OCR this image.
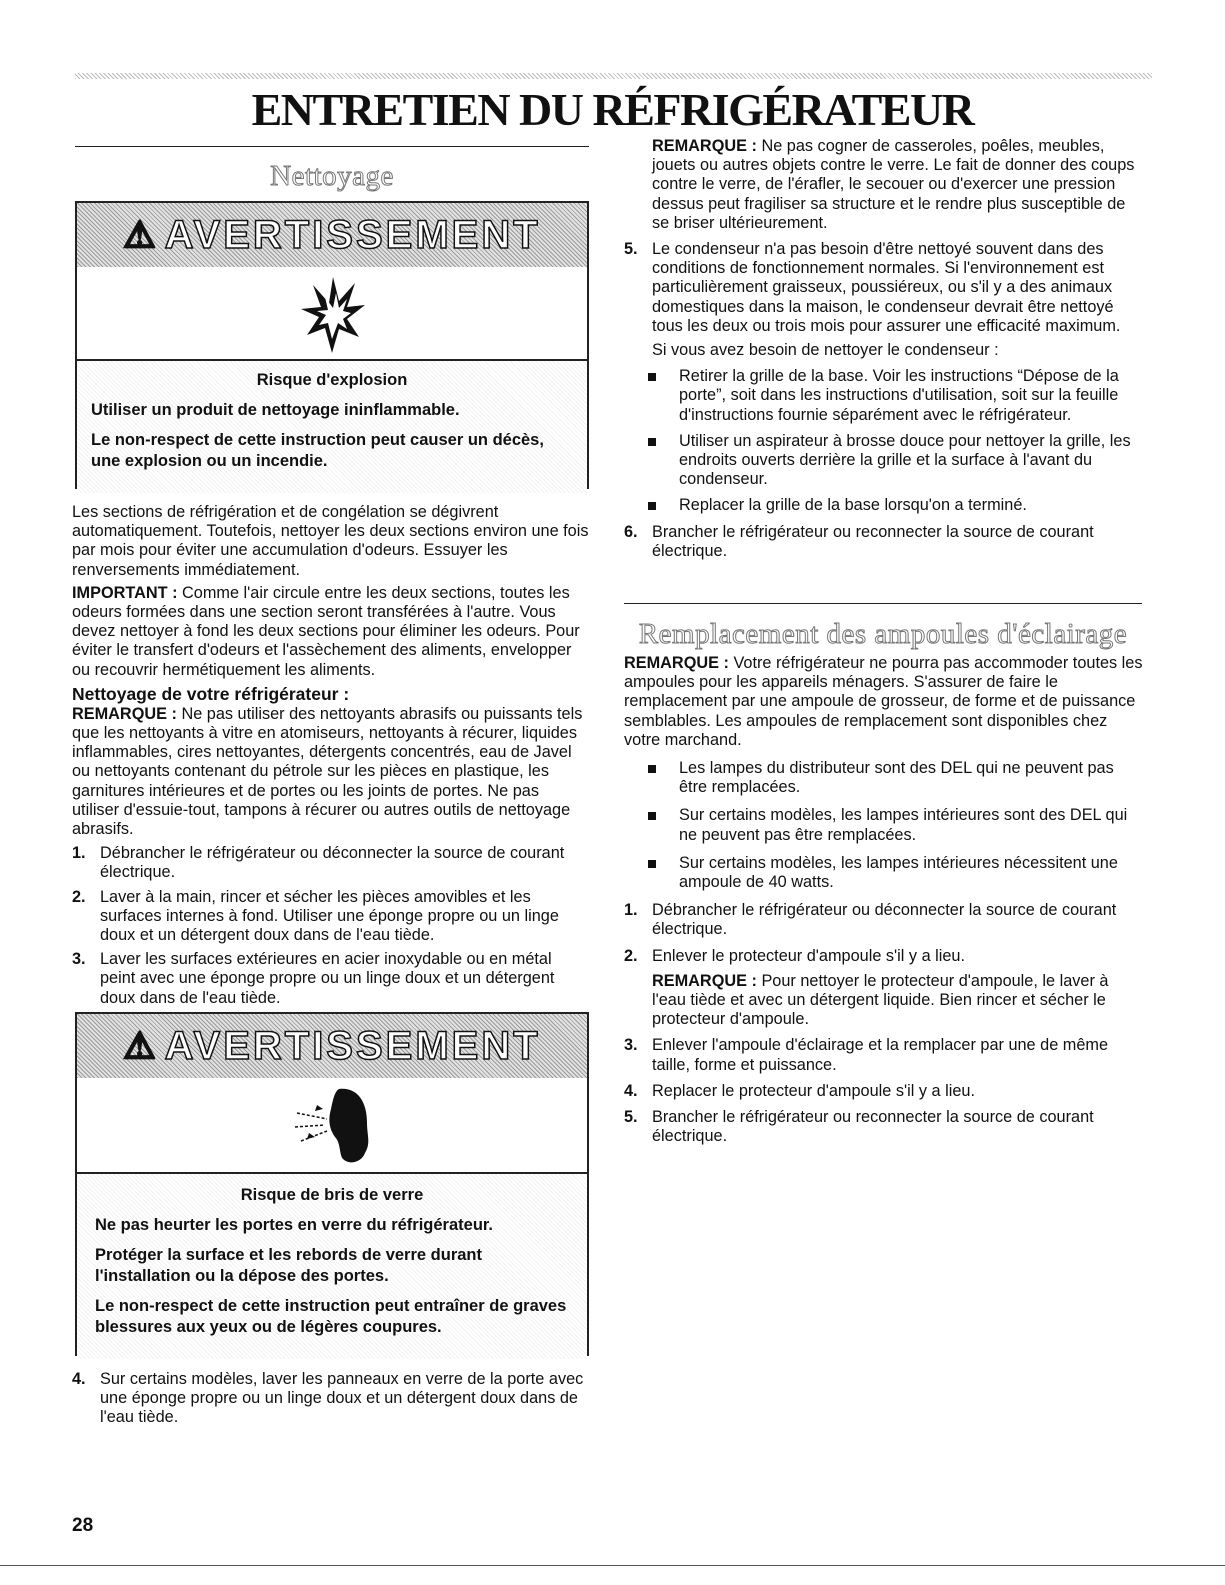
ENTRETIEN DU RÉFRIGÉRATEUR
Nettoyage
⚠ AVERTISSEMENT
Risque d'explosion
Utiliser un produit de nettoyage ininflammable.
Le non-respect de cette instruction peut causer un décès, une explosion ou un incendie.

Les sections de réfrigération et de congélation se dégivrent automatiquement. Toutefois, nettoyer les deux sections environ une fois par mois pour éviter une accumulation d'odeurs. Essuyer les renversements immédiatement.

IMPORTANT : Comme l'air circule entre les deux sections, toutes les odeurs formées dans une section seront transférées à l'autre. Vous devez nettoyer à fond les deux sections pour éliminer les odeurs. Pour éviter le transfert d'odeurs et l'assèchement des aliments, envelopper ou recouvrir hermétiquement les aliments.

Nettoyage de votre réfrigérateur :

REMARQUE : Ne pas utiliser des nettoyants abrasifs ou puissants tels que les nettoyants à vitre en atomiseurs, nettoyants à récurer, liquides inflammables, cires nettoyantes, détergents concentrés, eau de Javel ou nettoyants contenant du pétrole sur les pièces en plastique, les garnitures intérieures et de portes ou les joints de portes. Ne pas utiliser d'essuie-tout, tampons à récurer ou autres outils de nettoyage abrasifs.

1. Débrancher le réfrigérateur ou déconnecter la source de courant électrique.
2. Laver à la main, rincer et sécher les pièces amovibles et les surfaces internes à fond. Utiliser une éponge propre ou un linge doux et un détergent doux dans de l'eau tiède.
3. Laver les surfaces extérieures en acier inoxydable ou en métal peint avec une éponge propre ou un linge doux et un détergent doux dans de l'eau tiède.
⚠ AVERTISSEMENT
Risque de bris de verre
Ne pas heurter les portes en verre du réfrigérateur.
Protéger la surface et les rebords de verre durant l'installation ou la dépose des portes.
Le non-respect de cette instruction peut entraîner de graves blessures aux yeux ou de légères coupures.
4. Sur certains modèles, laver les panneaux en verre de la porte avec une éponge propre ou un linge doux et un détergent doux dans de l'eau tiède.

REMARQUE : Ne pas cogner de casseroles, poêles, meubles, jouets ou autres objets contre le verre. Le fait de donner des coups contre le verre, de l'érafler, le secouer ou d'exercer une pression dessus peut fragiliser sa structure et le rendre plus susceptible de se briser ultérieurement.

5. Le condenseur n'a pas besoin d'être nettoyé souvent dans des conditions de fonctionnement normales. Si l'environnement est particulièrement graisseux, poussiéreux, ou s'il y a des animaux domestiques dans la maison, le condenseur devrait être nettoyé tous les deux ou trois mois pour assurer une efficacité maximum.

Si vous avez besoin de nettoyer le condenseur :

Retirer la grille de la base. Voir les instructions “Dépose de la porte”, soit dans les instructions d'utilisation, soit sur la feuille d'instructions fournie séparément avec le réfrigérateur.
Utiliser un aspirateur à brosse douce pour nettoyer la grille, les endroits ouverts derrière la grille et la surface à l'avant du condenseur.
Replacer la grille de la base lorsqu'on a terminé.
6. Brancher le réfrigérateur ou reconnecter la source de courant électrique.
Remplacement des ampoules d'éclairage

REMARQUE : Votre réfrigérateur ne pourra pas accommoder toutes les ampoules pour les appareils ménagers. S'assurer de faire le remplacement par une ampoule de grosseur, de forme et de puissance semblables. Les ampoules de remplacement sont disponibles chez votre marchand.

Les lampes du distributeur sont des DEL qui ne peuvent pas être remplacées.
Sur certains modèles, les lampes intérieures sont des DEL qui ne peuvent pas être remplacées.
Sur certains modèles, les lampes intérieures nécessitent une ampoule de 40 watts.
1. Débrancher le réfrigérateur ou déconnecter la source de courant électrique.
2. Enlever le protecteur d'ampoule s'il y a lieu.

REMARQUE : Pour nettoyer le protecteur d'ampoule, le laver à l'eau tiède et avec un détergent liquide. Bien rincer et sécher le protecteur d'ampoule.

3. Enlever l'ampoule d'éclairage et la remplacer par une de même taille, forme et puissance.
4. Replacer le protecteur d'ampoule s'il y a lieu.
5. Brancher le réfrigérateur ou reconnecter la source de courant électrique.
28
